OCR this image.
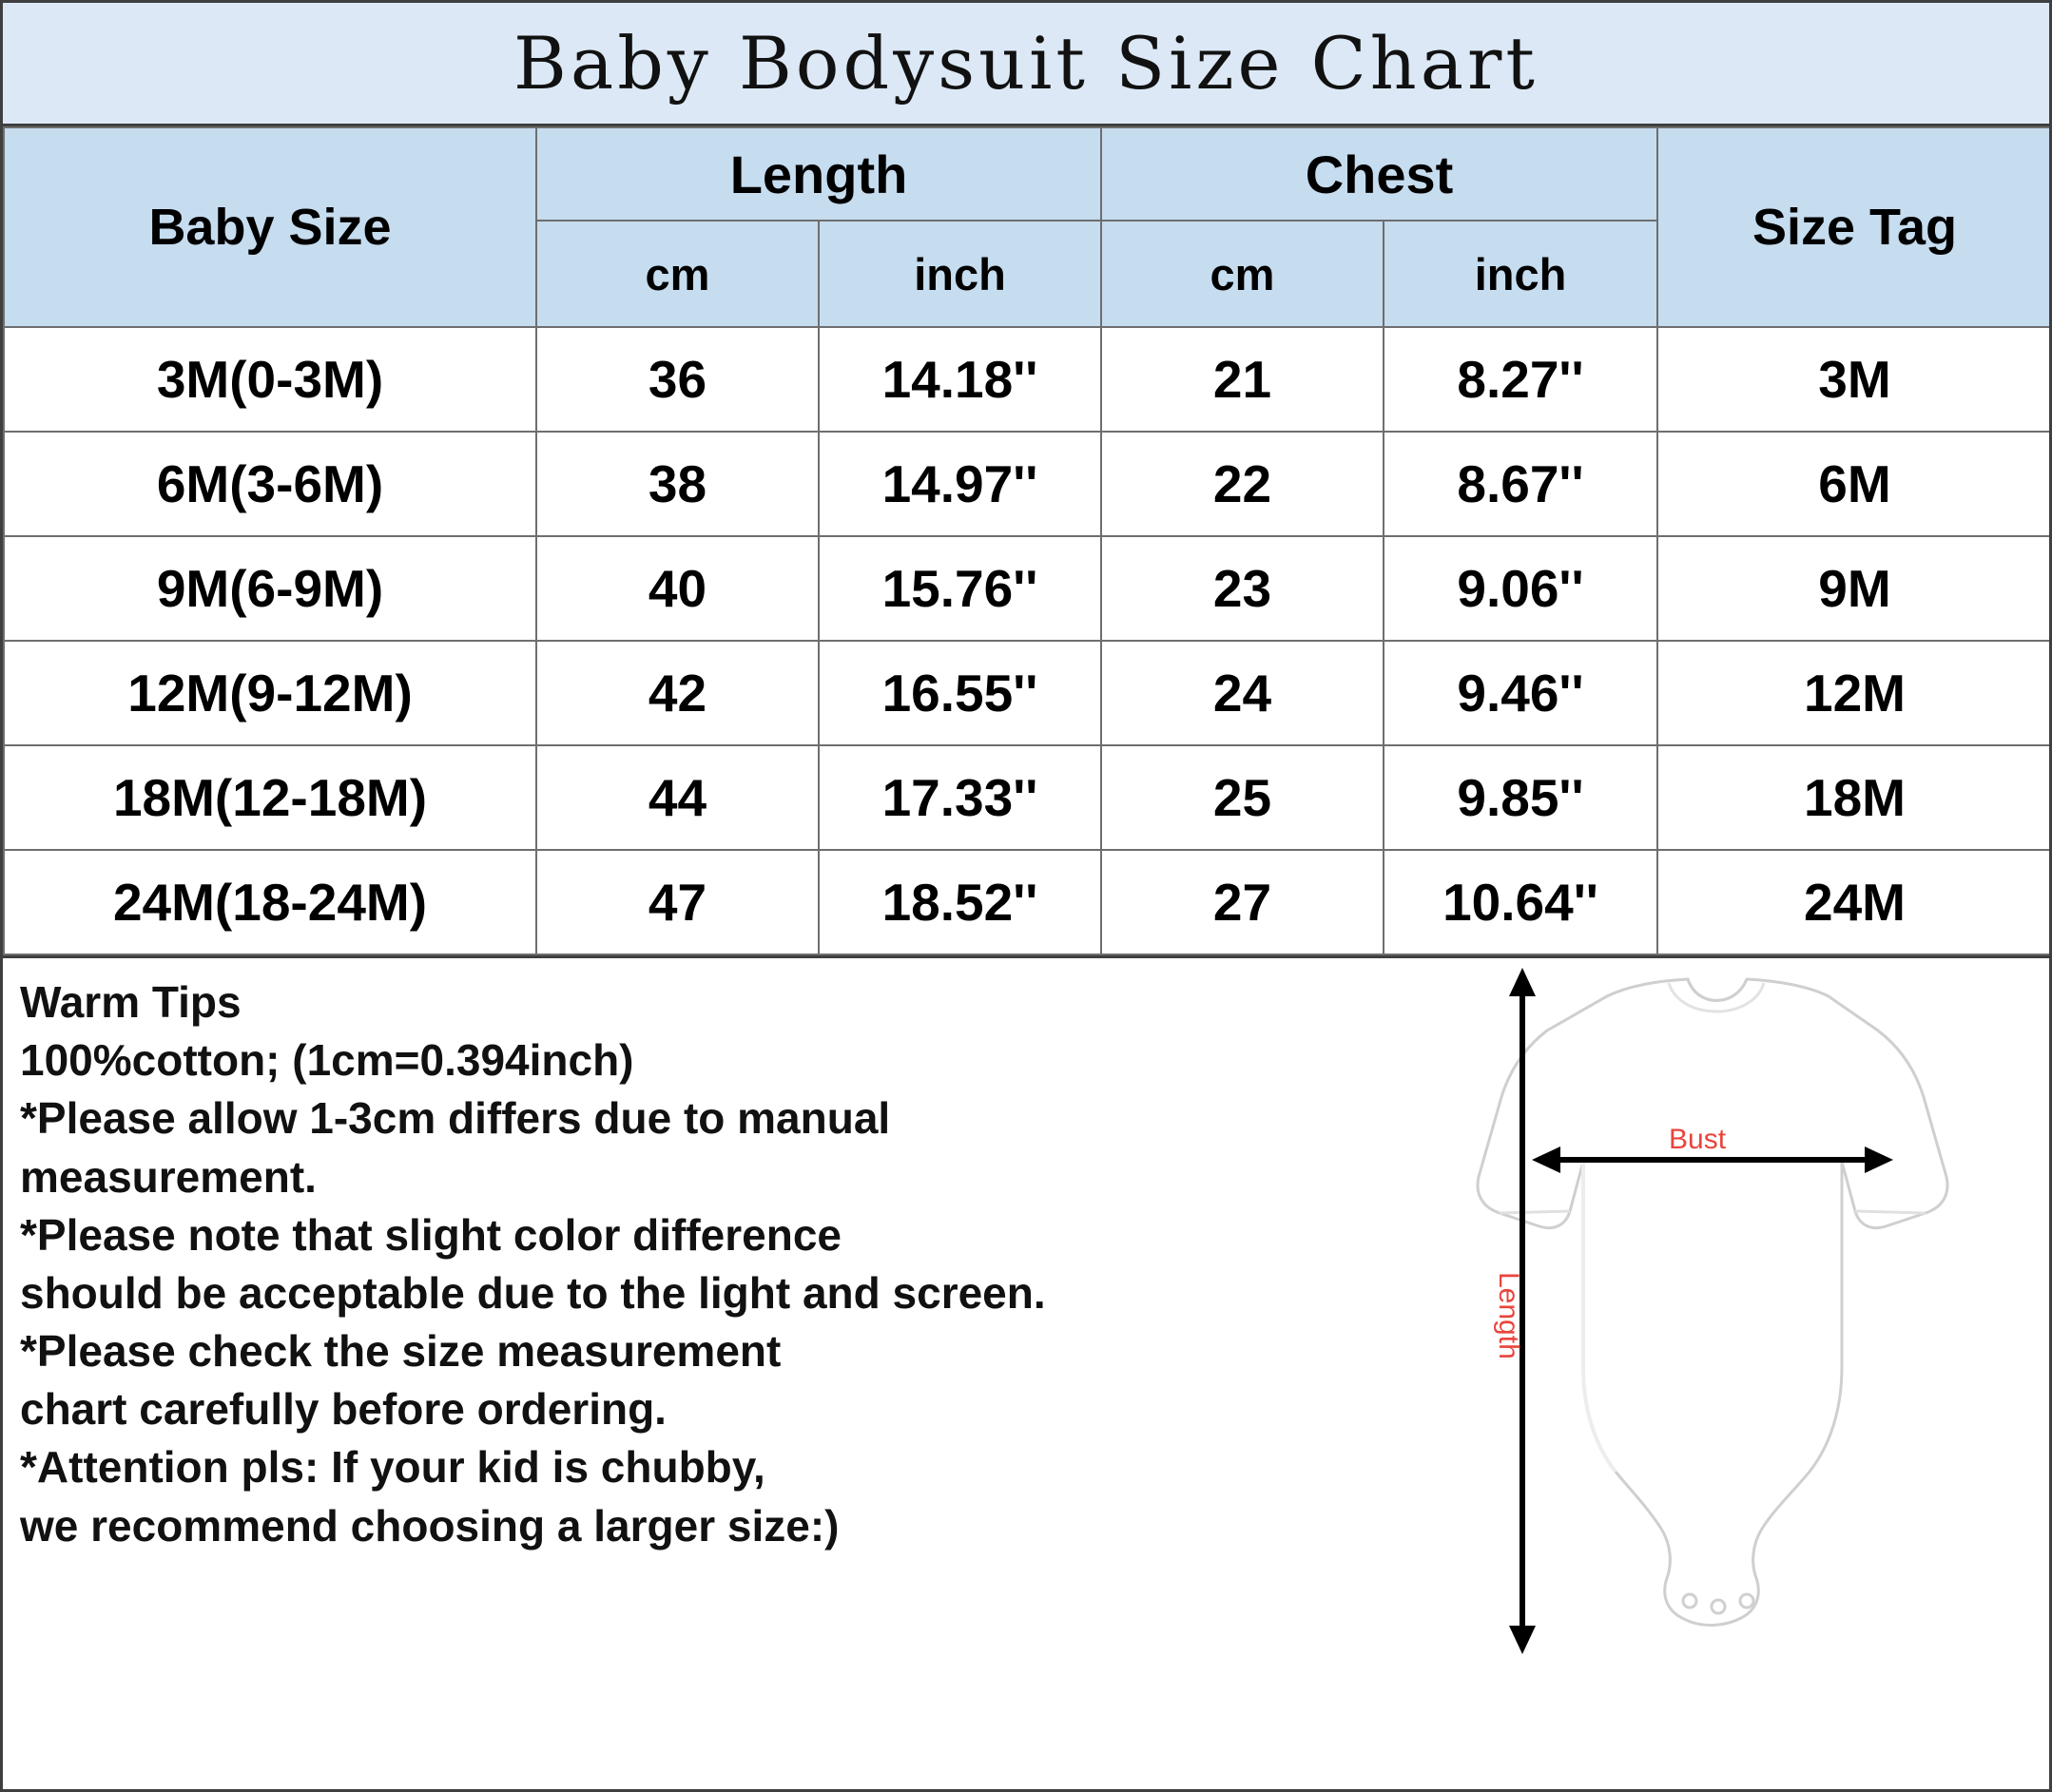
Baby Bodysuit Size Chart
Baby Size	Length		Chest		Size Tag
	cm	inch	cm	inch	
3M(0-3M)	36	14.18''	21	8.27''	3M
6M(3-6M)	38	14.97''	22	8.67''	6M
9M(6-9M)	40	15.76''	23	9.06''	9M
12M(9-12M)	42	16.55''	24	9.46''	12M
18M(12-18M)	44	17.33''	25	9.85''	18M
24M(18-24M)	47	18.52''	27	10.64''	24M
Warm Tips
100%cotton; (1cm=0.394inch)
*Please allow 1-3cm differs due to manual
measurement.
*Please note that slight color difference
should be acceptable due to the light and screen.
*Please check the size measurement
chart carefully before ordering.
*Attention pls: If your kid is chubby,
we recommend choosing a larger size:)
Bust
Length
